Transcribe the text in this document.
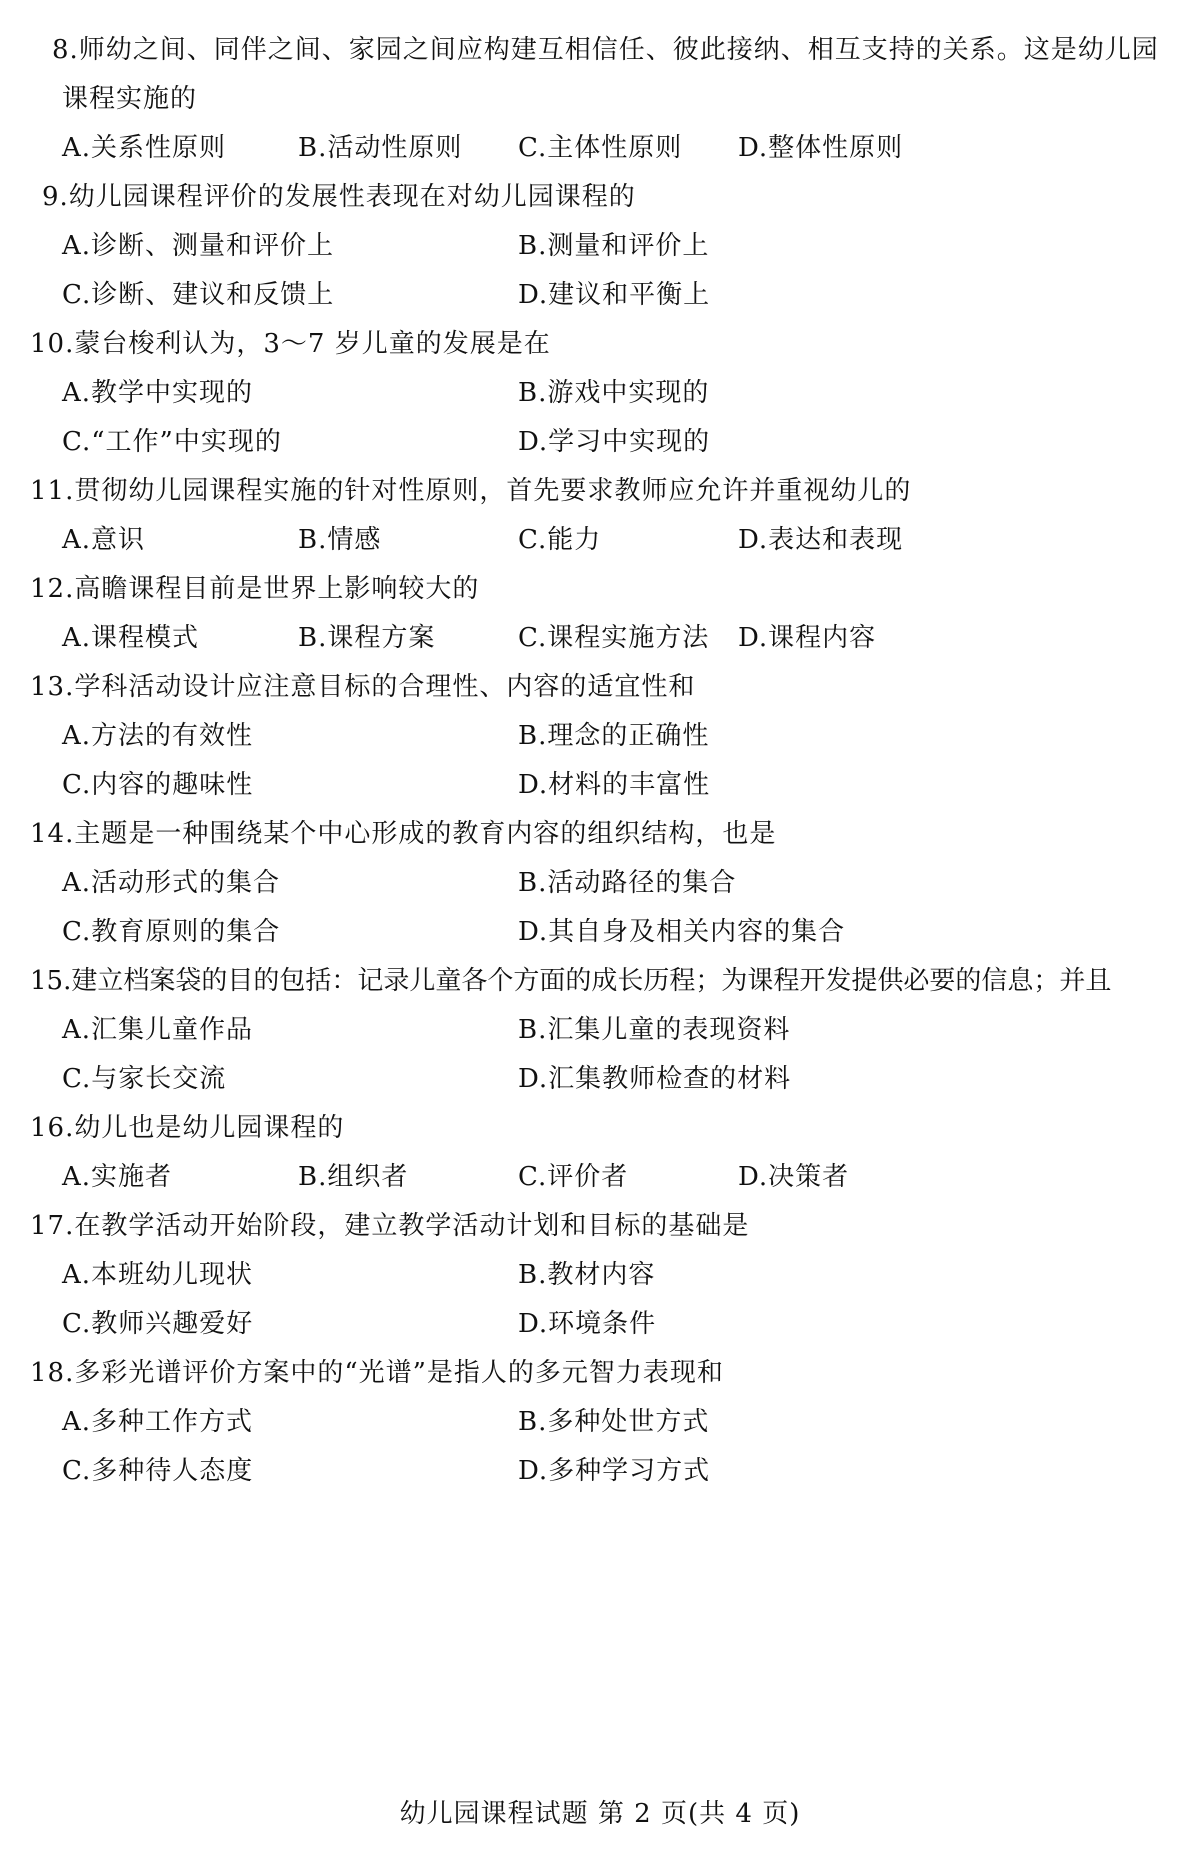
8.师幼之间、同伴之间、家园之间应构建互相信任、彼此接纳、相互支持的关系。这是幼儿园
课程实施的
A.关系性原则	B.活动性原则 C.主体性原则 D.整体性原则
9.幼儿园课程评价的发展性表现在对幼儿园课程的
A.诊断、测量和评价上	B.测量和评价上
C.诊断、建议和反馈上	D.建议和平衡上
10.蒙台梭利认为，3～7 岁儿童的发展是在
A.教学中实现的	B.游戏中实现的
C.“工作”中实现的	D.学习中实现的
11.贯彻幼儿园课程实施的针对性原则，首先要求教师应允许并重视幼儿的
A.意识	B.情感	C.能力	D.表达和表现
12.高瞻课程目前是世界上影响较大的
A.课程模式	B.课程方案	C.课程实施方法 D.课程内容
13.学科活动设计应注意目标的合理性、内容的适宜性和
A.方法的有效性	B.理念的正确性
C.内容的趣味性	D.材料的丰富性
14.主题是一种围绕某个中心形成的教育内容的组织结构，也是
A.活动形式的集合	B.活动路径的集合
C.教育原则的集合	D.其自身及相关内容的集合
15.建立档案袋的目的包括：记录儿童各个方面的成长历程；为课程开发提供必要的信息；并且
A.汇集儿童作品	B.汇集儿童的表现资料
C.与家长交流	D.汇集教师检查的材料
16.幼儿也是幼儿园课程的
A.实施者	B.组织者	C.评价者	D.决策者
17.在教学活动开始阶段，建立教学活动计划和目标的基础是
A.本班幼儿现状	B.教材内容
C.教师兴趣爱好	D.环境条件
18.多彩光谱评价方案中的“光谱”是指人的多元智力表现和
A.多种工作方式	B.多种处世方式
C.多种待人态度	D.多种学习方式
幼儿园课程试题 第 2 页(共 4 页)
